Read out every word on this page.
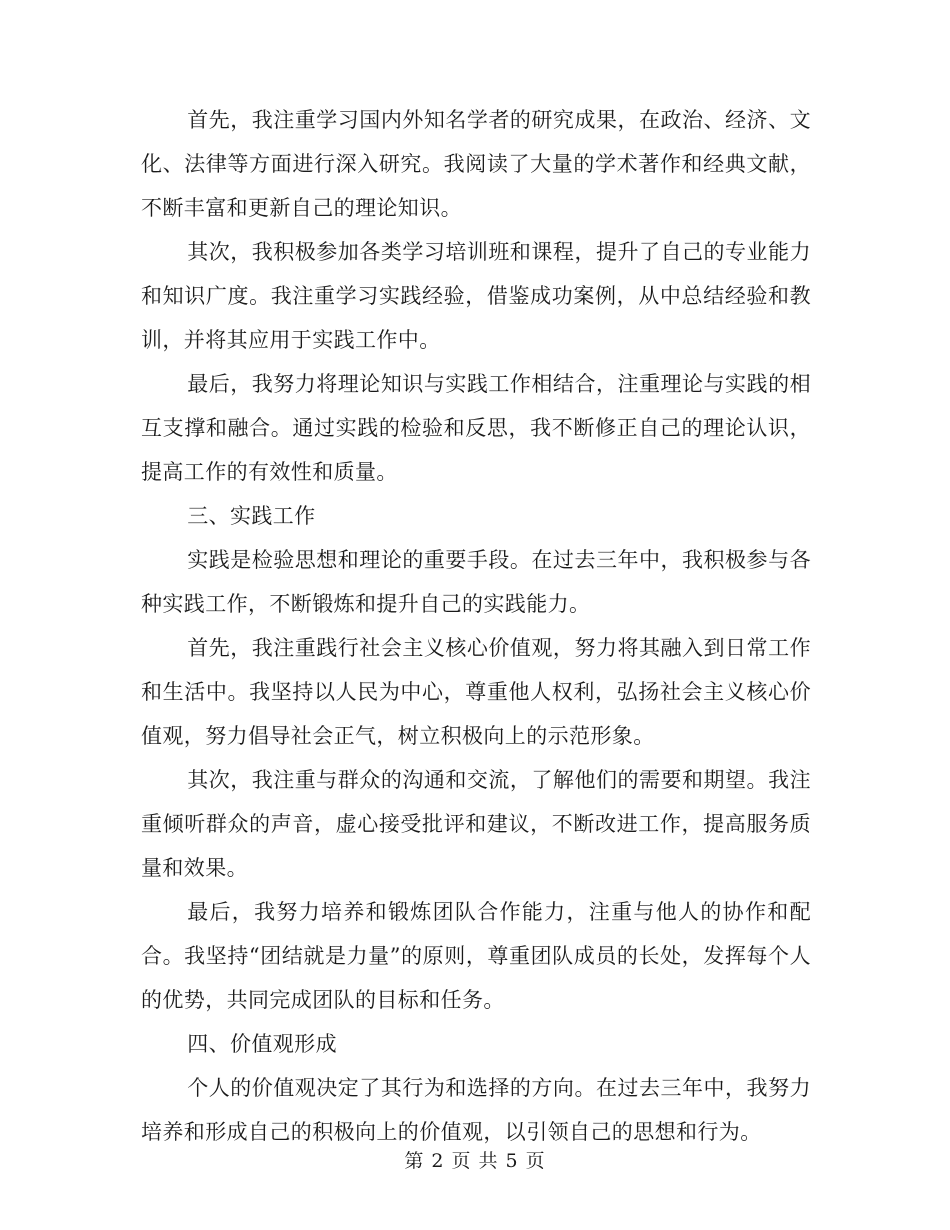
首先，我注重学习国内外知名学者的研究成果，在政治、经济、文化、法律等方面进行深入研究。我阅读了大量的学术著作和经典文献，不断丰富和更新自己的理论知识。

其次，我积极参加各类学习培训班和课程，提升了自己的专业能力和知识广度。我注重学习实践经验，借鉴成功案例，从中总结经验和教训，并将其应用于实践工作中。

最后，我努力将理论知识与实践工作相结合，注重理论与实践的相互支撑和融合。通过实践的检验和反思，我不断修正自己的理论认识，提高工作的有效性和质量。

三、实践工作

实践是检验思想和理论的重要手段。在过去三年中，我积极参与各种实践工作，不断锻炼和提升自己的实践能力。

首先，我注重践行社会主义核心价值观，努力将其融入到日常工作和生活中。我坚持以人民为中心，尊重他人权利，弘扬社会主义核心价值观，努力倡导社会正气，树立积极向上的示范形象。

其次，我注重与群众的沟通和交流，了解他们的需要和期望。我注重倾听群众的声音，虚心接受批评和建议，不断改进工作，提高服务质量和效果。

最后，我努力培养和锻炼团队合作能力，注重与他人的协作和配合。我坚持“团结就是力量”的原则，尊重团队成员的长处，发挥每个人的优势，共同完成团队的目标和任务。

四、价值观形成

个人的价值观决定了其行为和选择的方向。在过去三年中，我努力培养和形成自己的积极向上的价值观，以引领自己的思想和行为。

第 2 页 共 5 页
